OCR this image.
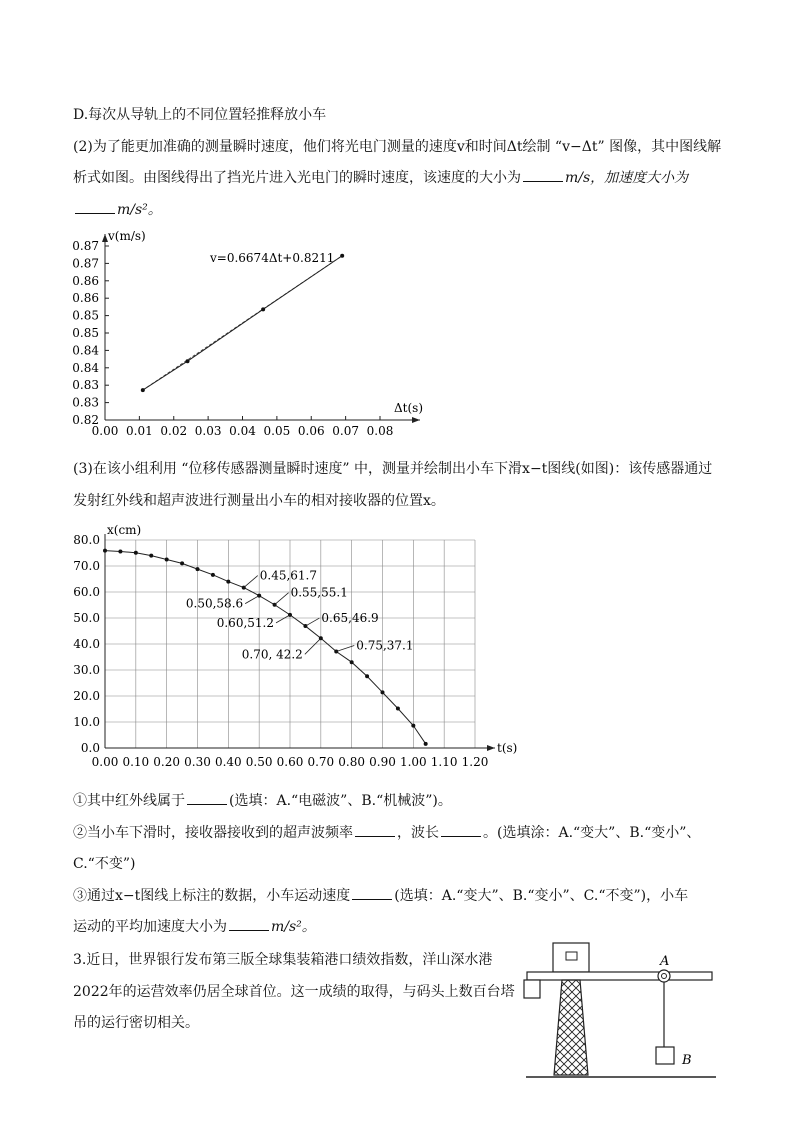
D.每次从导轨上的不同位置轻推释放小车
(2)为了能更加准确的测量瞬时速度，他们将光电门测量的速度v和时间Δt绘制 “v−Δt” 图像，其中图线解
析式如图。由图线得出了挡光片进入光电门的瞬时速度，该速度的大小为	m/s，加速度大小为
m/s²。
0.00 0.01 0.02 0.03 0.04 0.05 0.06 0.07 0.08
0.82
0.83
0.83
0.84
0.84
0.85
0.85
0.86
0.86
0.87
0.87
v(m/s)
Δt(s)
v=0.6674Δt+0.8211
(3)在该小组利用 “位移传感器测量瞬时速度” 中，测量并绘制出小车下滑x−t图线(如图)：该传感器通过
发射红外线和超声波进行测量出小车的相对接收器的位置x。
0.00 0.10 0.20 0.30 0.40 0.50 0.60 0.70 0.80 0.90 1.00 1.10 1.20
0.0
10.0
20.0
30.0
40.0
50.0
60.0
70.0
80.0
x(cm)
t(s)
0.45,61.7
0.55,55.1
0.50,58.6
0.65,46.9
0.60,51.2
0.75,37.1
0.70, 42.2
①其中红外线属于	(选填：A.“电磁波”、B.“机械波”)。
②当小车下滑时，接收器接收到的超声波频率	，波长	。(选填涂：A.“变大”、B.“变小”、
C.“不变”)
③通过x−t图线上标注的数据，小车运动速度	(选填：A.“变大”、B.“变小”、C.“不变”)，小车
运动的平均加速度大小为	m/s²。
3.近日，世界银行发布第三版全球集装箱港口绩效指数，洋山深水港
2022年的运营效率仍居全球首位。这一成绩的取得，与码头上数百台塔
吊的运行密切相关。
A
B
